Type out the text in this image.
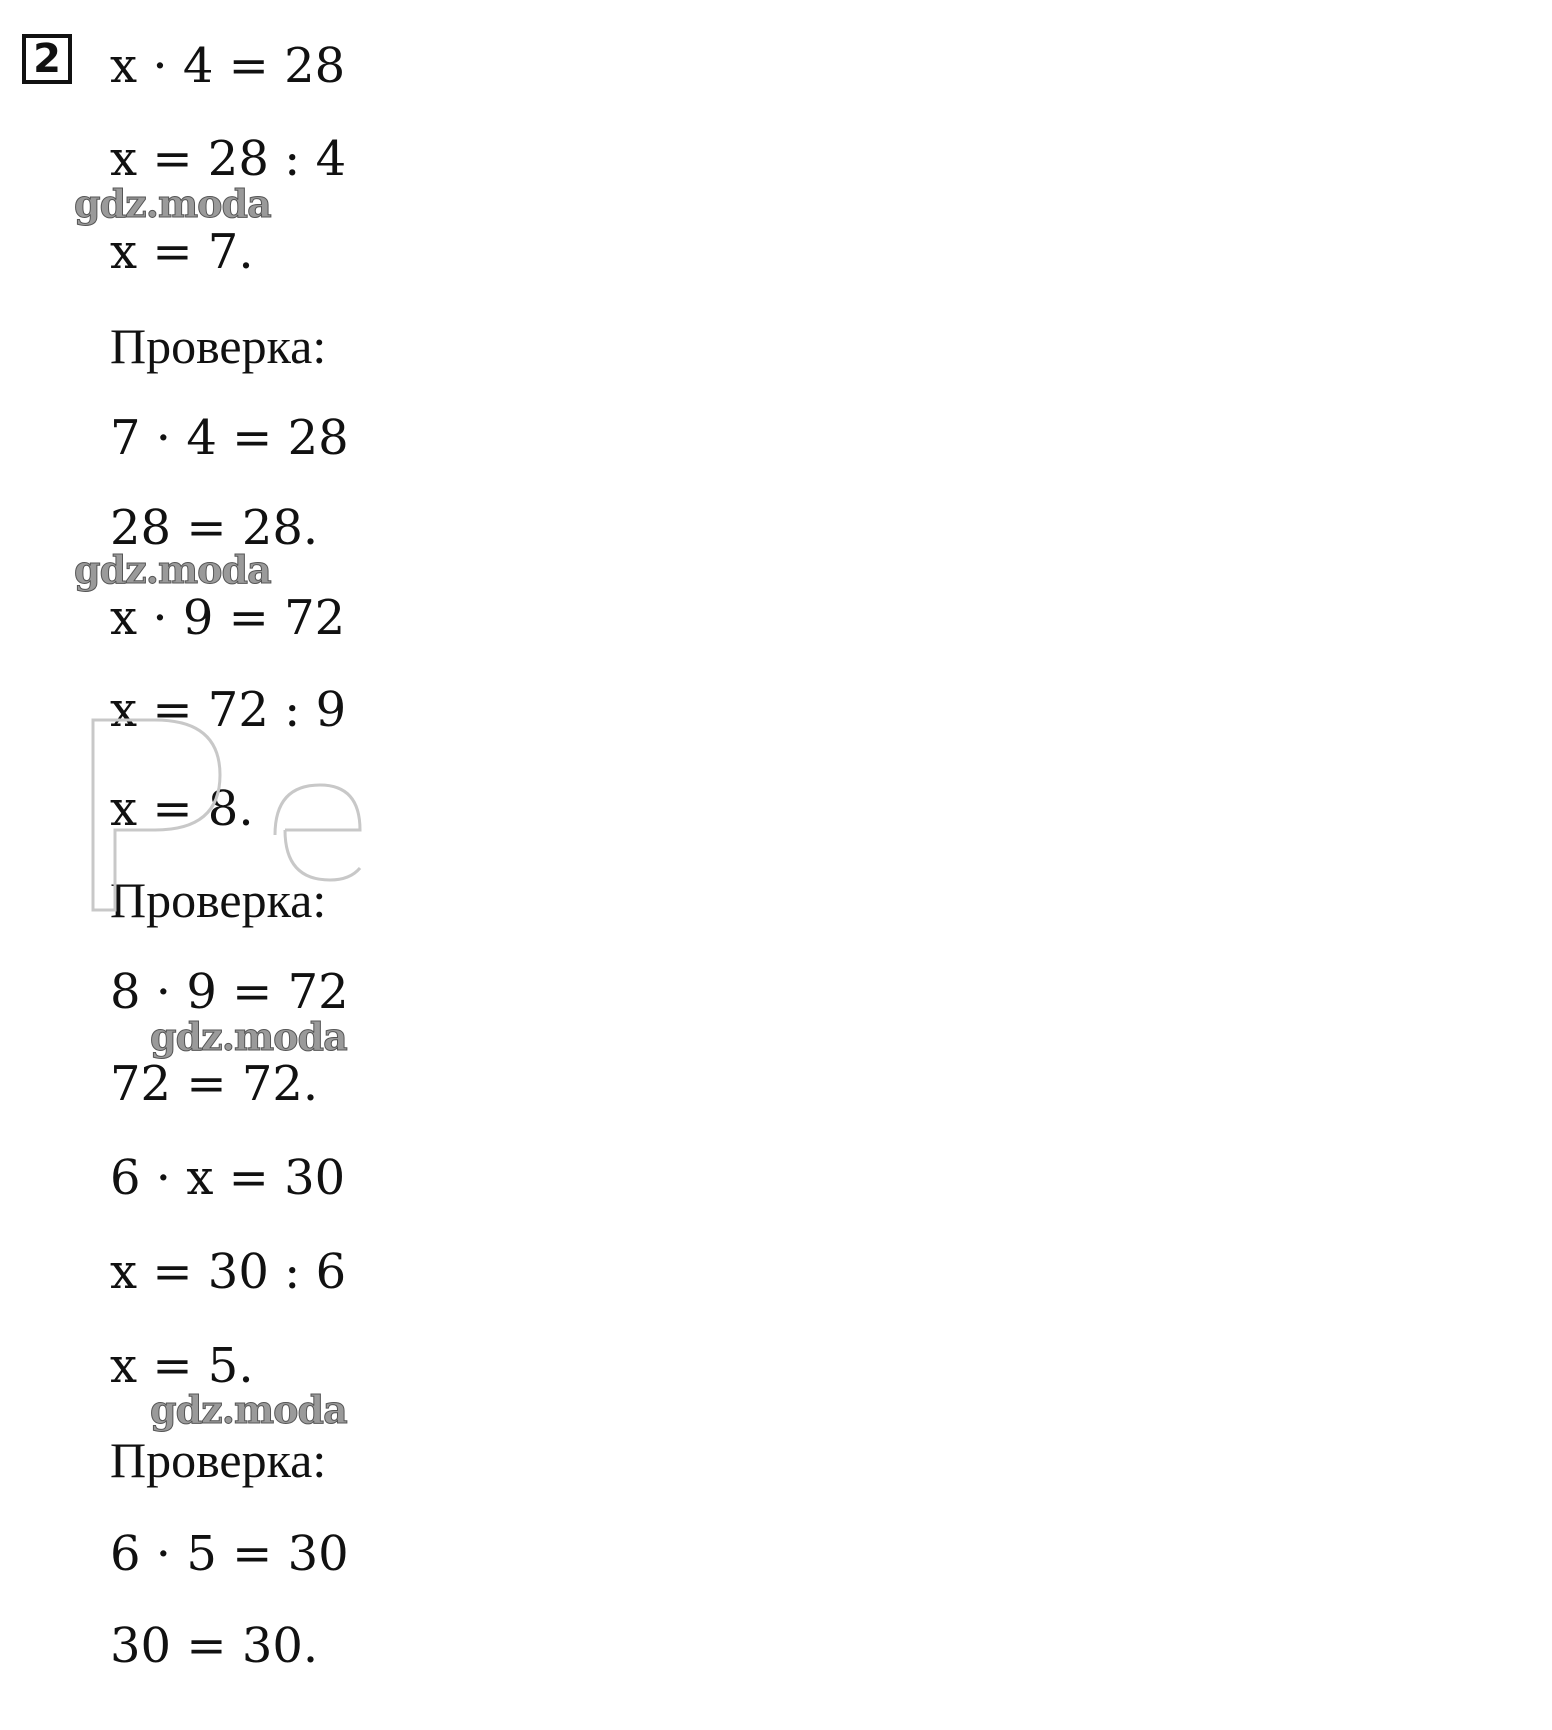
2 x · 4 = 28
x = 28 : 4
x = 7.
Проверка:
7 · 4 = 28
28 = 28.
x · 9 = 72
x = 72 : 9
x = 8.
Проверка:
8 · 9 = 72
72 = 72.
6 · x = 30
x = 30 : 6
x = 5.
Проверка:
6 · 5 = 30
30 = 30.
gdz.moda
gdz.moda
gdz.moda
gdz.moda
